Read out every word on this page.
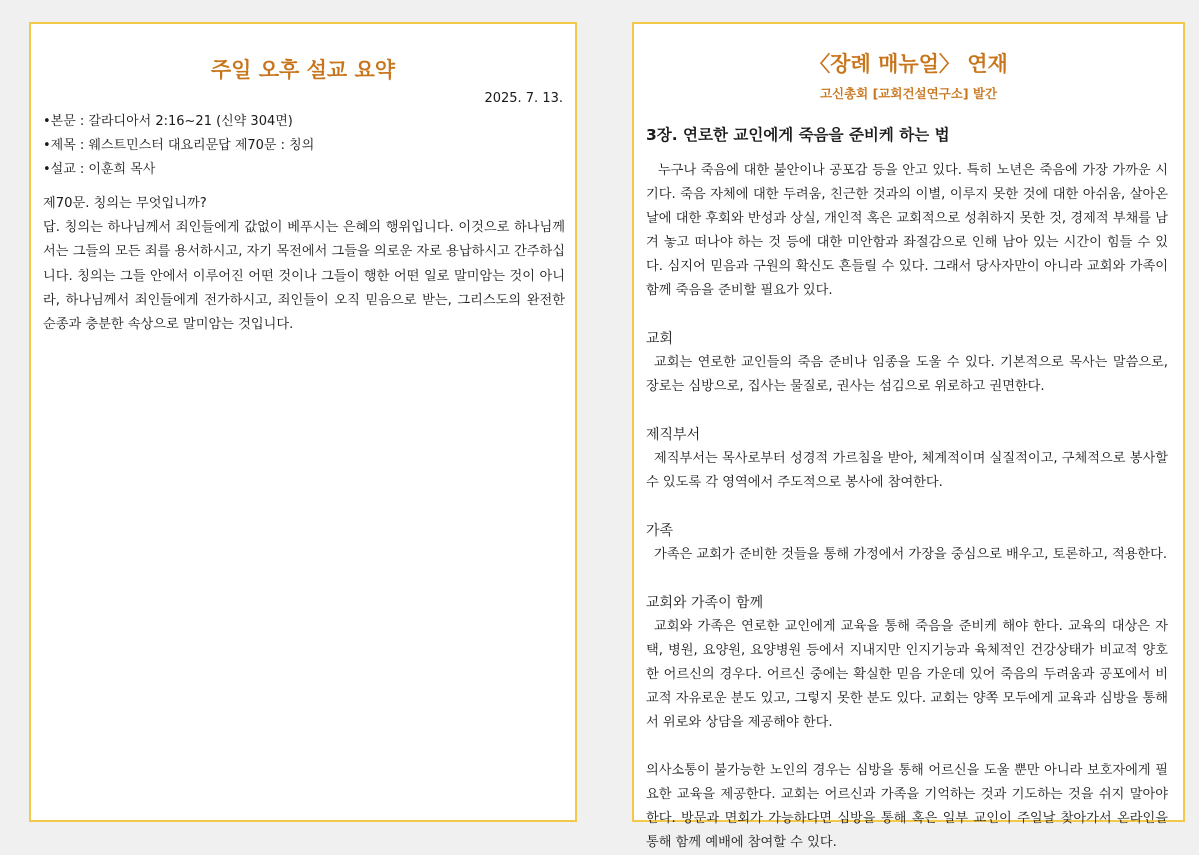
주일 오후 설교 요약

2025. 7. 13.

•본문 : 갈라디아서 2:16~21 (신약 304면)

•제목 : 웨스트민스터 대요리문답 제70문 : 칭의

•설교 : 이훈희 목사

제70문. 칭의는 무엇입니까?

답. 칭의는 하나님께서 죄인들에게 값없이 베푸시는 은혜의 행위입니다. 이것으로 하나님께서는 그들의 모든 죄를 용서하시고, 자기 목전에서 그들을 의로운 자로 용납하시고 간주하십니다. 칭의는 그들 안에서 이루어진 어떤 것이나 그들이 행한 어떤 일로 말미암는 것이 아니라, 하나님께서 죄인들에게 전가하시고, 죄인들이 오직 믿음으로 받는, 그리스도의 완전한 순종과 충분한 속상으로 말미암는 것입니다.

〈장례 매뉴얼〉 연재

고신총회 [교회건설연구소] 발간

3장. 연로한 교인에게 죽음을 준비케 하는 법

누구나 죽음에 대한 불안이나 공포감 등을 안고 있다. 특히 노년은 죽음에 가장 가까운 시기다. 죽음 자체에 대한 두려움, 친근한 것과의 이별, 이루지 못한 것에 대한 아쉬움, 살아온 날에 대한 후회와 반성과 상실, 개인적 혹은 교회적으로 성취하지 못한 것, 경제적 부채를 남겨 놓고 떠나야 하는 것 등에 대한 미안함과 좌절감으로 인해 남아 있는 시간이 힘들 수 있다. 심지어 믿음과 구원의 확신도 흔들릴 수 있다. 그래서 당사자만이 아니라 교회와 가족이 함께 죽음을 준비할 필요가 있다.

교회

교회는 연로한 교인들의 죽음 준비나 임종을 도울 수 있다. 기본적으로 목사는 말씀으로, 장로는 심방으로, 집사는 물질로, 권사는 섬김으로 위로하고 권면한다.

제직부서

제직부서는 목사로부터 성경적 가르침을 받아, 체계적이며 실질적이고, 구체적으로 봉사할 수 있도록 각 영역에서 주도적으로 봉사에 참여한다.

가족

가족은 교회가 준비한 것들을 통해 가정에서 가장을 중심으로 배우고, 토론하고, 적용한다.

교회와 가족이 함께

교회와 가족은 연로한 교인에게 교육을 통해 죽음을 준비케 해야 한다. 교육의 대상은 자택, 병원, 요양원, 요양병원 등에서 지내지만 인지기능과 육체적인 건강상태가 비교적 양호한 어르신의 경우다. 어르신 중에는 확실한 믿음 가운데 있어 죽음의 두려움과 공포에서 비교적 자유로운 분도 있고, 그렇지 못한 분도 있다. 교회는 양쪽 모두에게 교육과 심방을 통해서 위로와 상담을 제공해야 한다.

의사소통이 불가능한 노인의 경우는 심방을 통해 어르신을 도울 뿐만 아니라 보호자에게 필요한 교육을 제공한다. 교회는 어르신과 가족을 기억하는 것과 기도하는 것을 쉬지 말아야 한다. 방문과 면회가 가능하다면 심방을 통해 혹은 일부 교인이 주일날 찾아가서 온라인을 통해 함께 예배에 참여할 수 있다.
